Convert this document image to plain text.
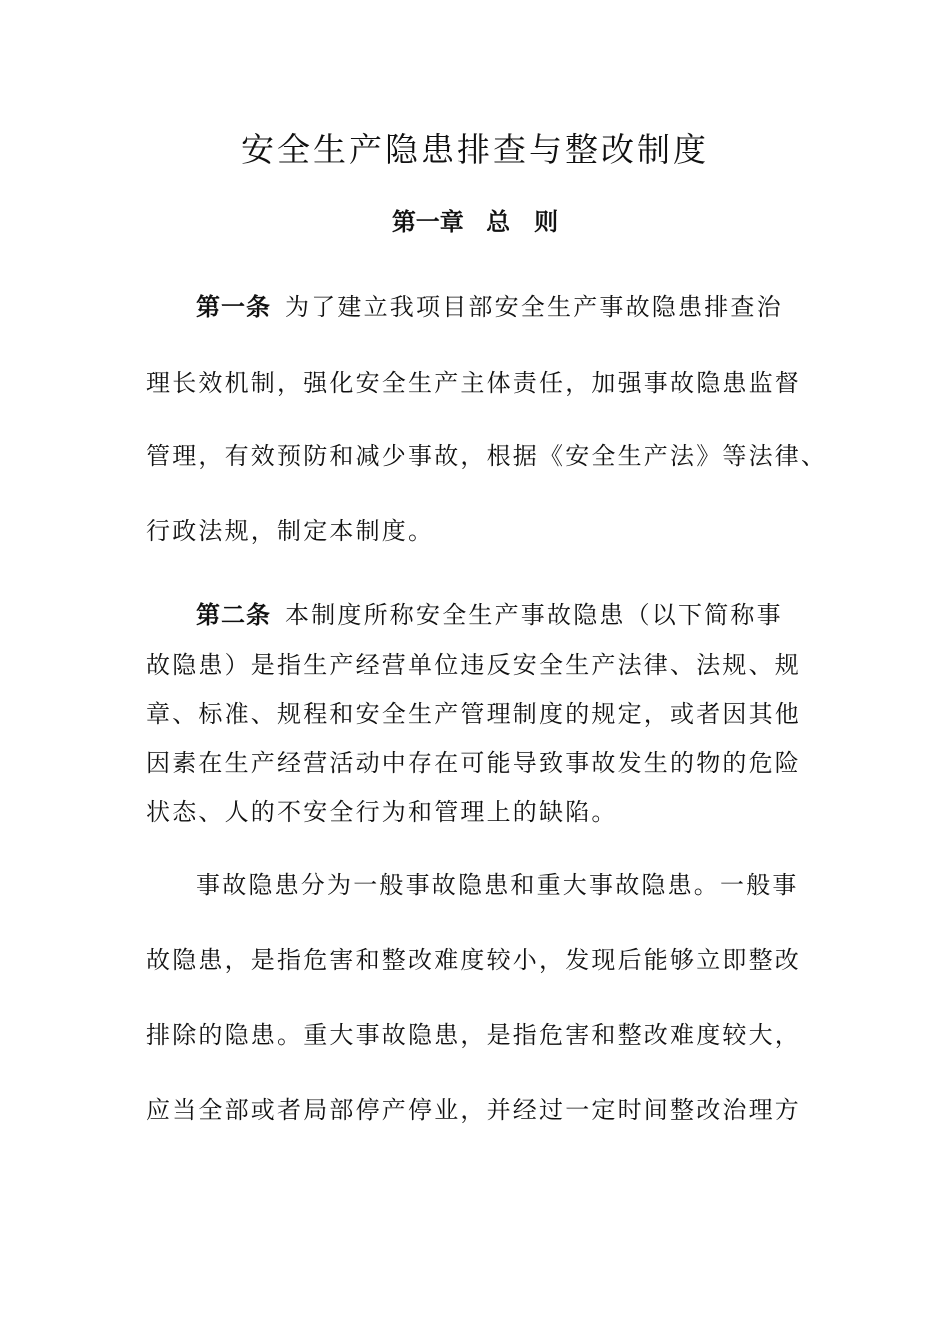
安全生产隐患排查与整改制度
第一章 总　则

第一条 为了建立我项目部安全生产事故隐患排查治

理长效机制，强化安全生产主体责任，加强事故隐患监督

管理，有效预防和减少事故，根据《安全生产法》等法律、

行政法规，制定本制度。

第二条 本制度所称安全生产事故隐患（以下简称事

故隐患）是指生产经营单位违反安全生产法律、法规、规

章、标准、规程和安全生产管理制度的规定，或者因其他

因素在生产经营活动中存在可能导致事故发生的物的危险

状态、人的不安全行为和管理上的缺陷。

事故隐患分为一般事故隐患和重大事故隐患。一般事

故隐患，是指危害和整改难度较小，发现后能够立即整改

排除的隐患。重大事故隐患，是指危害和整改难度较大，

应当全部或者局部停产停业，并经过一定时间整改治理方
